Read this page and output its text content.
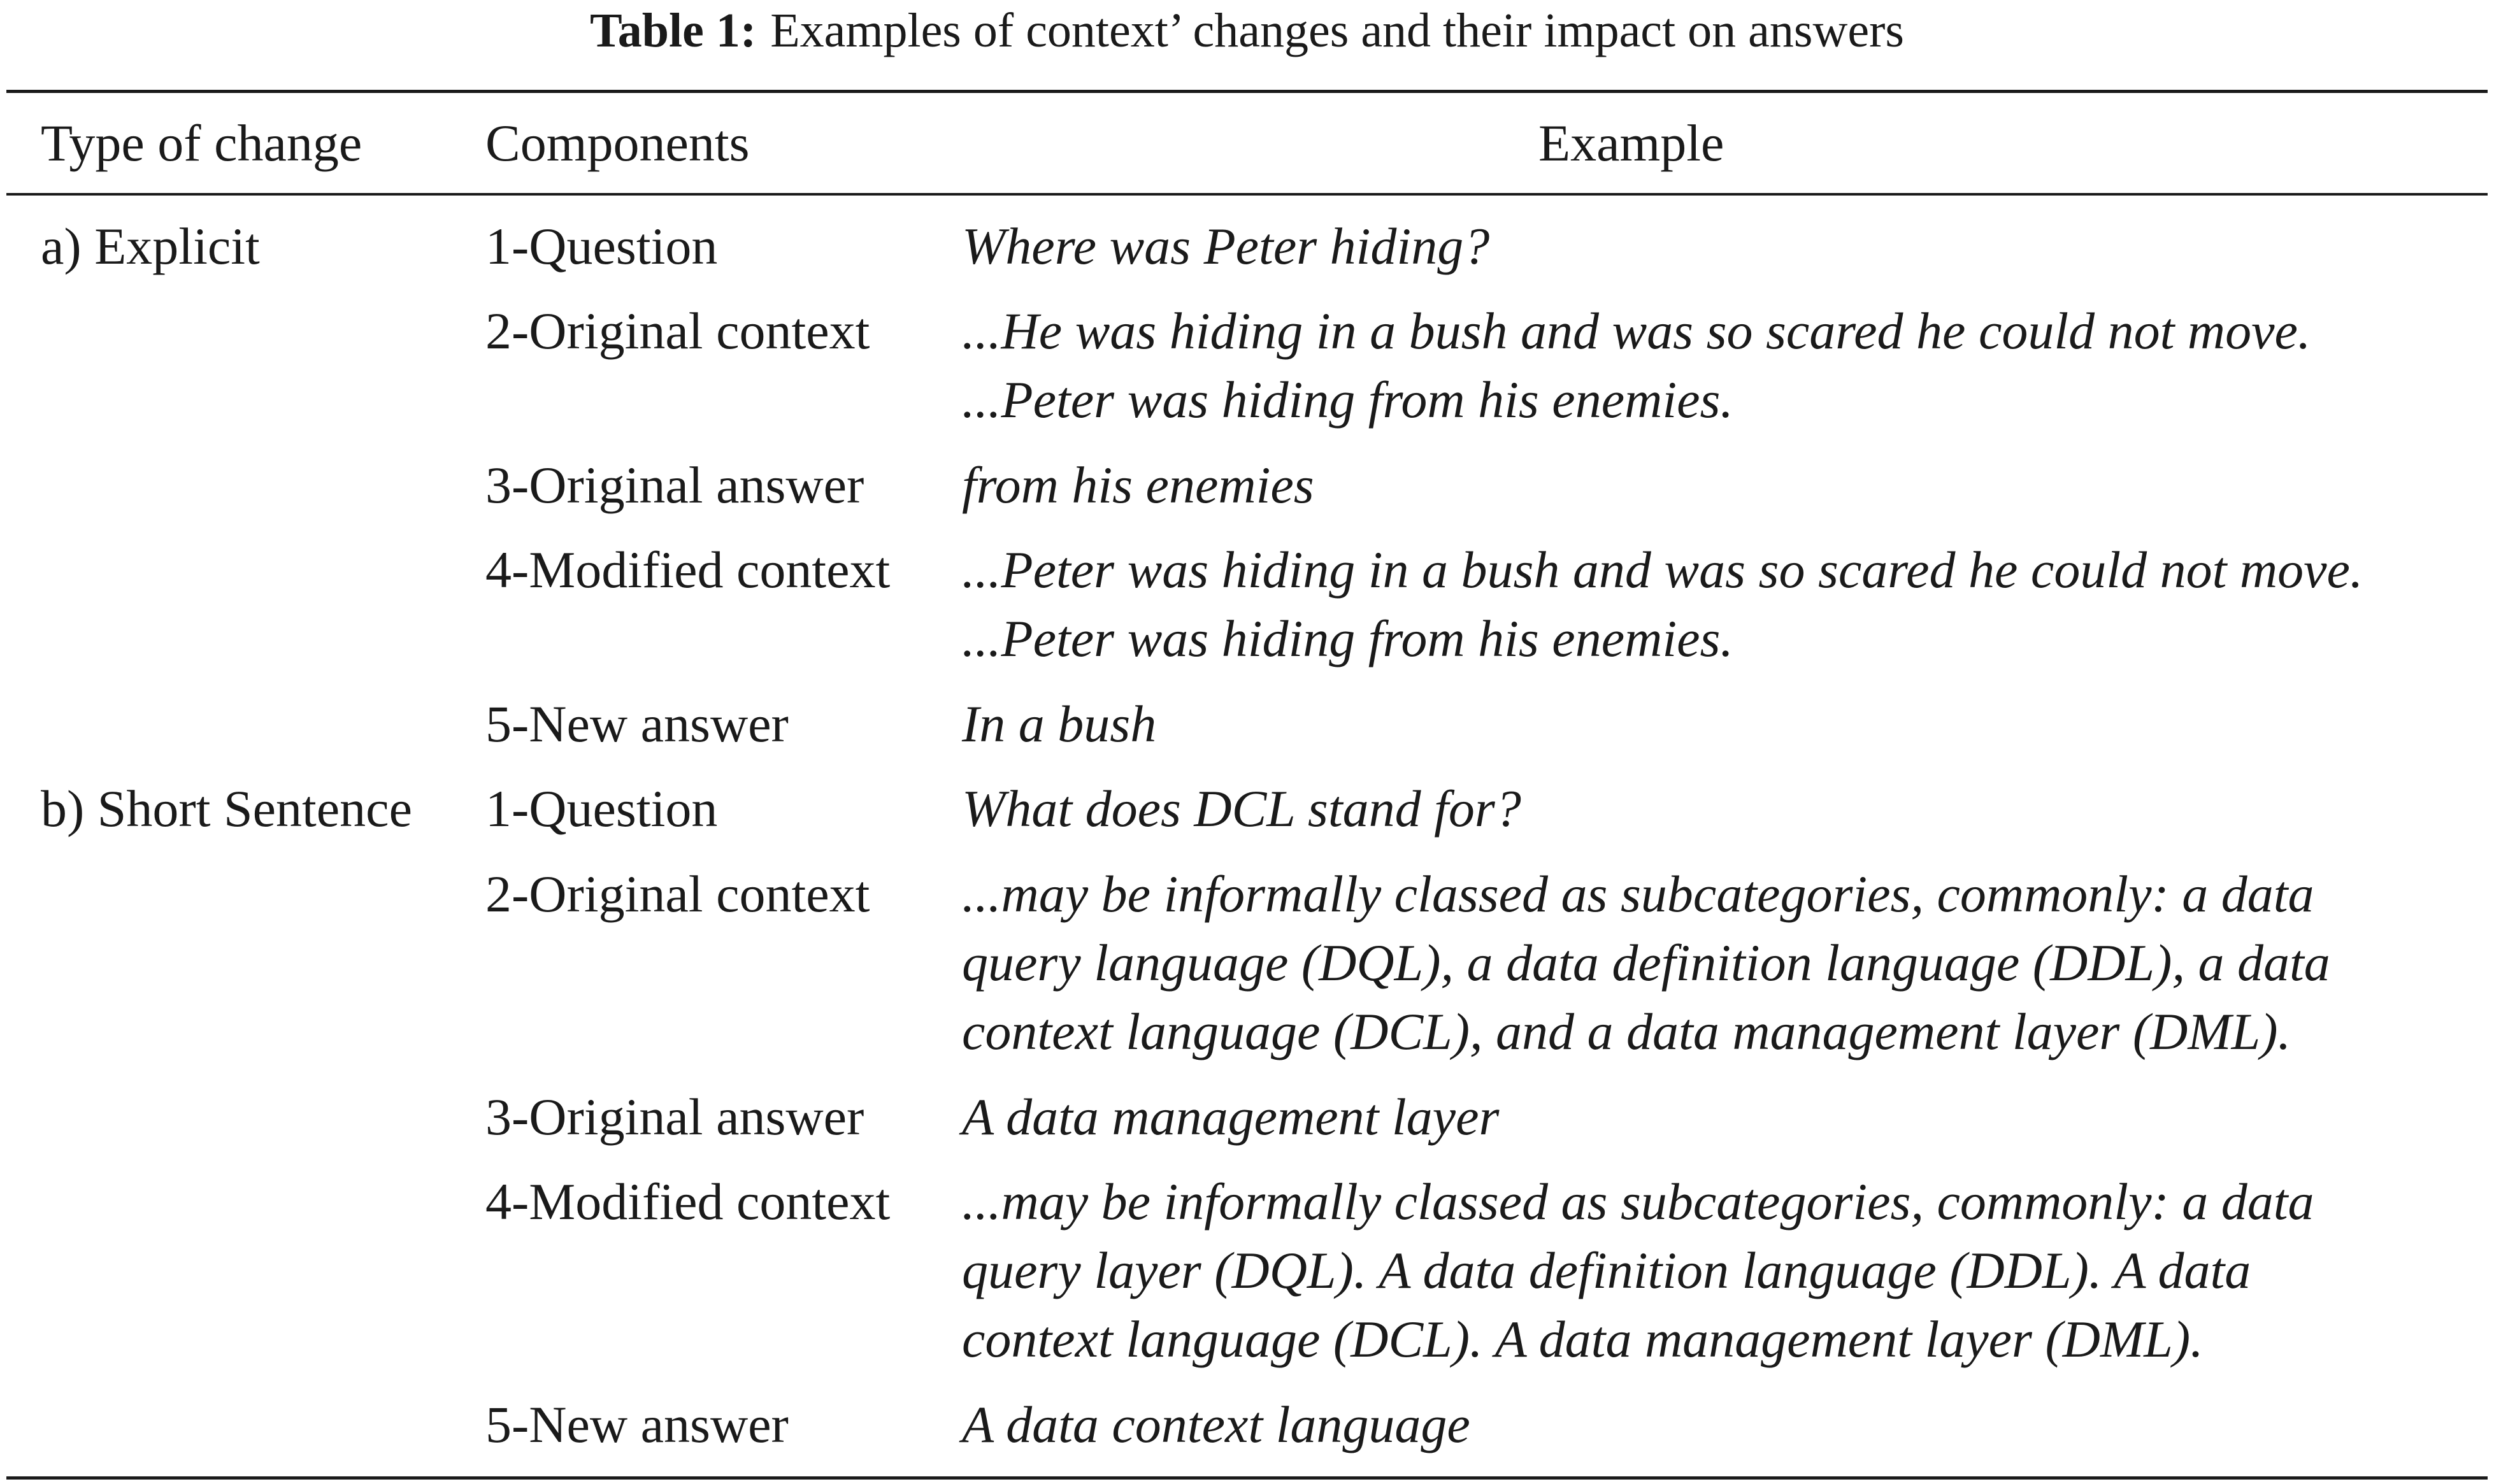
Table 1: Examples of context’ changes and their impact on answers
Type of change Components	Example
a) Explicit	1-Question	Where was Peter hiding?
2-Original context ...He was hiding in a bush and was so scared he could not move.
...Peter was hiding from his enemies.
3-Original answer from his enemies
4-Modified context ...Peter was hiding in a bush and was so scared he could not move.
...Peter was hiding from his enemies.
5-New answer	In a bush
b) Short Sentence 1-Question	What does DCL stand for?
2-Original context ...may be informally classed as subcategories, commonly: a data
query language (DQL), a data definition language (DDL), a data
context language (DCL), and a data management layer (DML).
3-Original answer A data management layer
4-Modified context ...may be informally classed as subcategories, commonly: a data
query layer (DQL). A data definition language (DDL). A data
context language (DCL). A data management layer (DML).
5-New answer	A data context language
